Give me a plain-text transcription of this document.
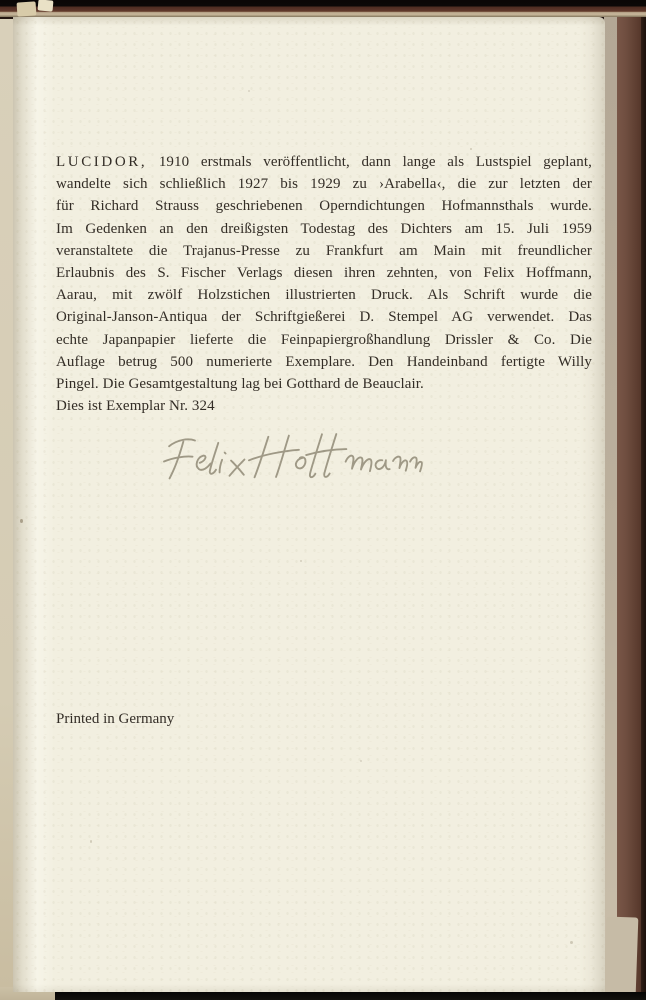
LUCIDOR, 1910 erstmals veröffentlicht, dann lange als Lustspiel geplant,
wandelte sich schließlich 1927 bis 1929 zu ›Arabella‹, die zur letzten der
für Richard Strauss geschriebenen Operndichtungen Hofmannsthals wurde.
Im Gedenken an den dreißigsten Todestag des Dichters am 15. Juli 1959
veranstaltete die Trajanus-Presse zu Frankfurt am Main mit freundlicher
Erlaubnis des S. Fischer Verlags diesen ihren zehnten, von Felix Hoffmann,
Aarau, mit zwölf Holzstichen illustrierten Druck. Als Schrift wurde die
Original-Janson-Antiqua der Schriftgießerei D. Stempel AG verwendet. Das
echte Japanpapier lieferte die Feinpapiergroßhandlung Drissler & Co. Die
Auflage betrug 500 numerierte Exemplare. Den Handeinband fertigte Willy
Pingel. Die Gesamtgestaltung lag bei Gotthard de Beauclair.
Dies ist Exemplar Nr. 324
Printed in Germany
